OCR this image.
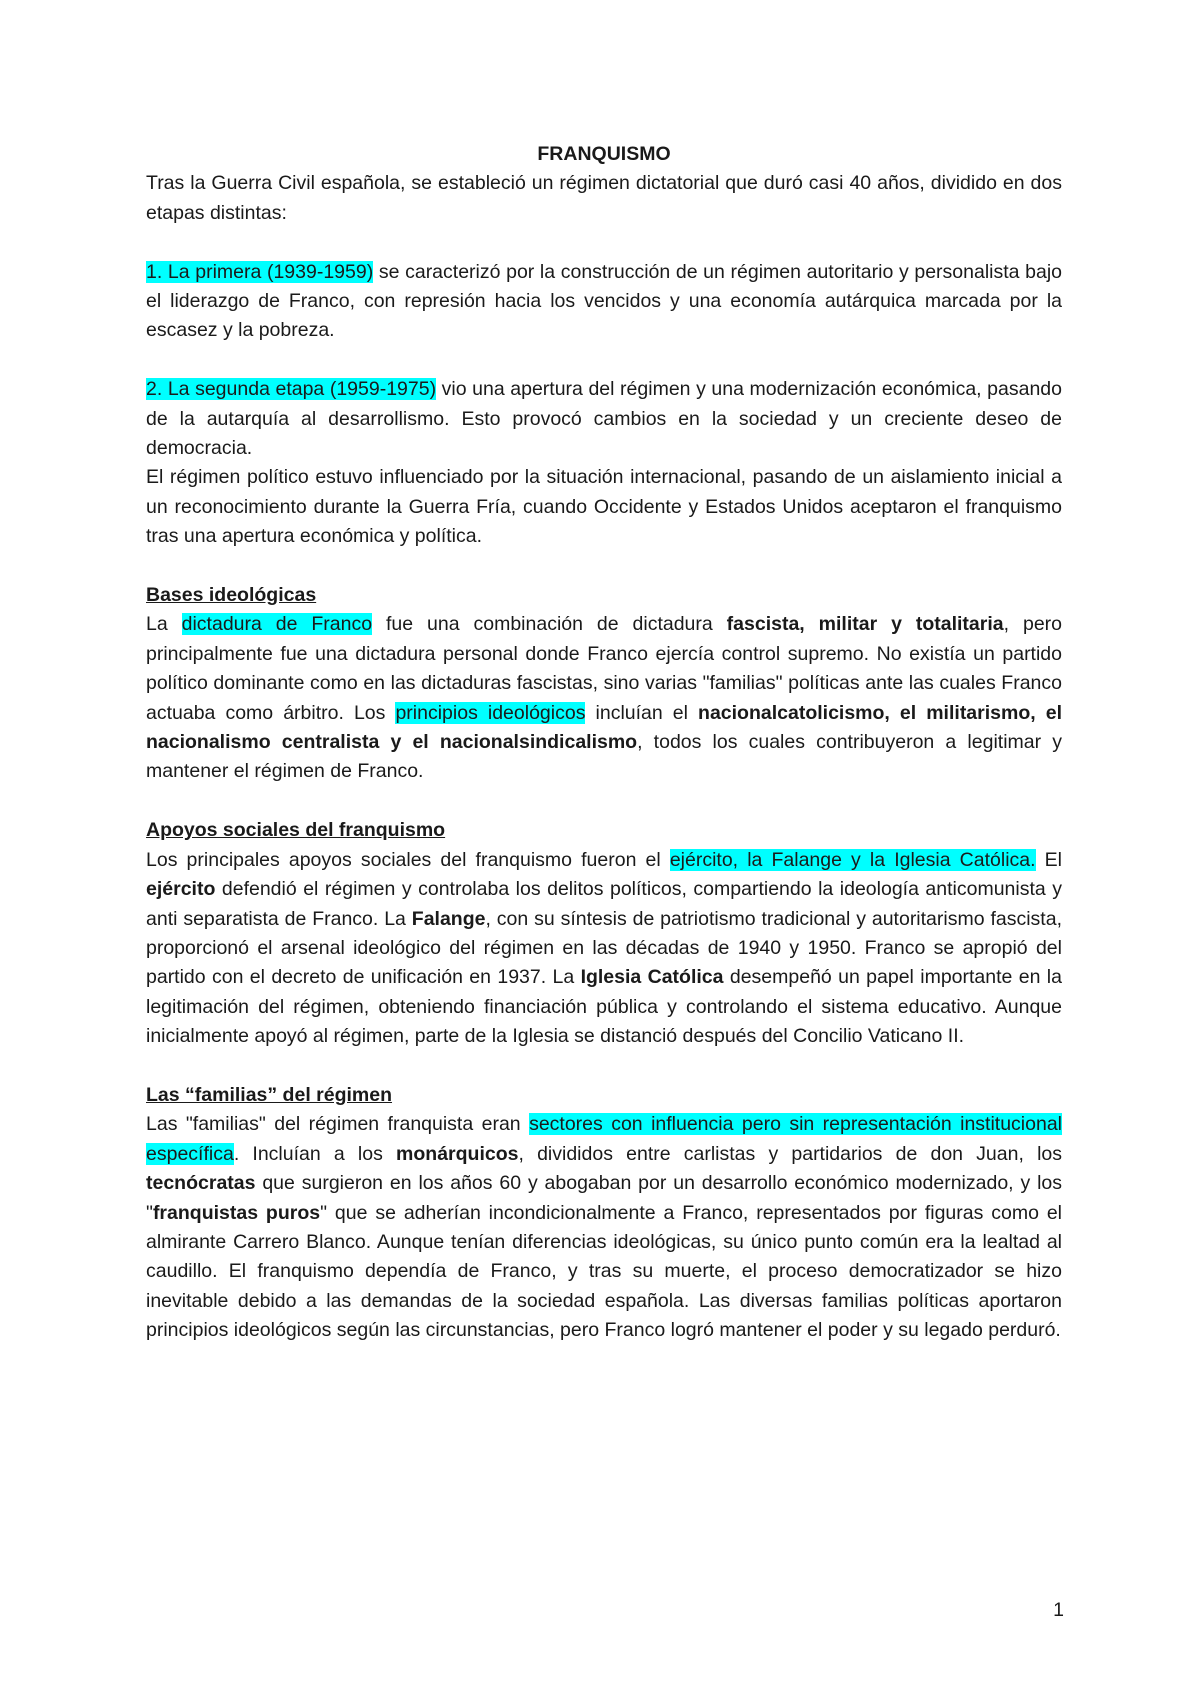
FRANQUISMO

Tras la Guerra Civil española, se estableció un régimen dictatorial que duró casi 40 años, dividido en dos etapas distintas:

1. La primera (1939-1959) se caracterizó por la construcción de un régimen autoritario y personalista bajo el liderazgo de Franco, con represión hacia los vencidos y una economía autárquica marcada por la escasez y la pobreza.

2. La segunda etapa (1959-1975) vio una apertura del régimen y una modernización económica, pasando de la autarquía al desarrollismo. Esto provocó cambios en la sociedad y un creciente deseo de democracia.

El régimen político estuvo influenciado por la situación internacional, pasando de un aislamiento inicial a un reconocimiento durante la Guerra Fría, cuando Occidente y Estados Unidos aceptaron el franquismo tras una apertura económica y política.

Bases ideológicas

La dictadura de Franco fue una combinación de dictadura fascista, militar y totalitaria, pero principalmente fue una dictadura personal donde Franco ejercía control supremo. No existía un partido político dominante como en las dictaduras fascistas, sino varias "familias" políticas ante las cuales Franco actuaba como árbitro. Los principios ideológicos incluían el nacionalcatolicismo, el militarismo, el nacionalismo centralista y el nacionalsindicalismo, todos los cuales contribuyeron a legitimar y mantener el régimen de Franco.

Apoyos sociales del franquismo

Los principales apoyos sociales del franquismo fueron el ejército, la Falange y la Iglesia Católica. El ejército defendió el régimen y controlaba los delitos políticos, compartiendo la ideología anticomunista y anti separatista de Franco. La Falange, con su síntesis de patriotismo tradicional y autoritarismo fascista, proporcionó el arsenal ideológico del régimen en las décadas de 1940 y 1950. Franco se apropió del partido con el decreto de unificación en 1937. La Iglesia Católica desempeñó un papel importante en la legitimación del régimen, obteniendo financiación pública y controlando el sistema educativo. Aunque inicialmente apoyó al régimen, parte de la Iglesia se distanció después del Concilio Vaticano II.

Las “familias” del régimen

Las "familias" del régimen franquista eran sectores con influencia pero sin representación institucional específica. Incluían a los monárquicos, divididos entre carlistas y partidarios de don Juan, los tecnócratas que surgieron en los años 60 y abogaban por un desarrollo económico modernizado, y los "franquistas puros" que se adherían incondicionalmente a Franco, representados por figuras como el almirante Carrero Blanco. Aunque tenían diferencias ideológicas, su único punto común era la lealtad al caudillo. El franquismo dependía de Franco, y tras su muerte, el proceso democratizador se hizo inevitable debido a las demandas de la sociedad española. Las diversas familias políticas aportaron principios ideológicos según las circunstancias, pero Franco logró mantener el poder y su legado perduró.

1
